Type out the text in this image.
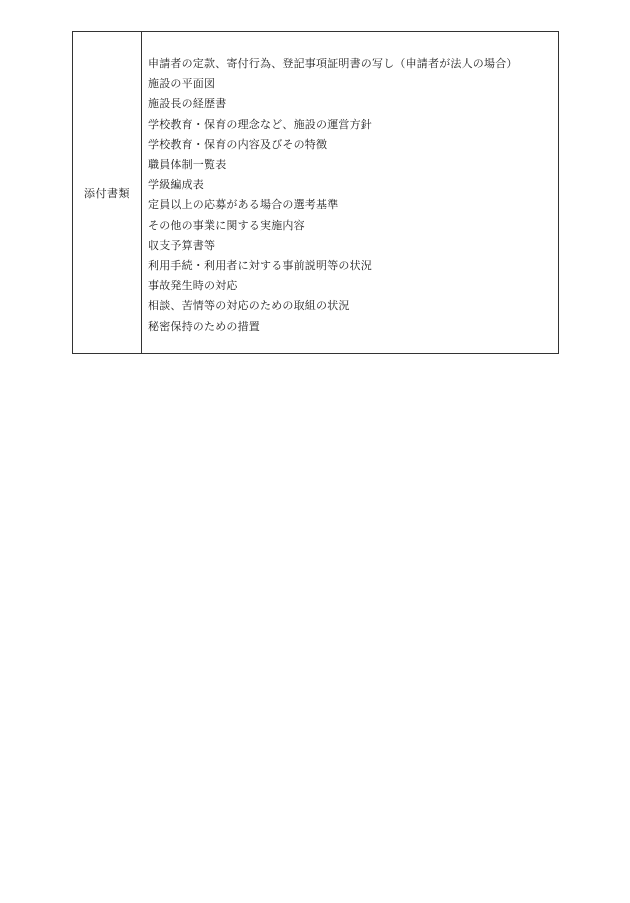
添付書類
申請者の定款、寄付行為、登記事項証明書の写し（申請者が法人の場合）
施設の平面図
施設長の経歴書
学校教育・保育の理念など、施設の運営方針
学校教育・保育の内容及びその特徴
職員体制一覧表
学級編成表
定員以上の応募がある場合の選考基準
その他の事業に関する実施内容
収支予算書等
利用手続・利用者に対する事前説明等の状況
事故発生時の対応
相談、苦情等の対応のための取組の状況
秘密保持のための措置
